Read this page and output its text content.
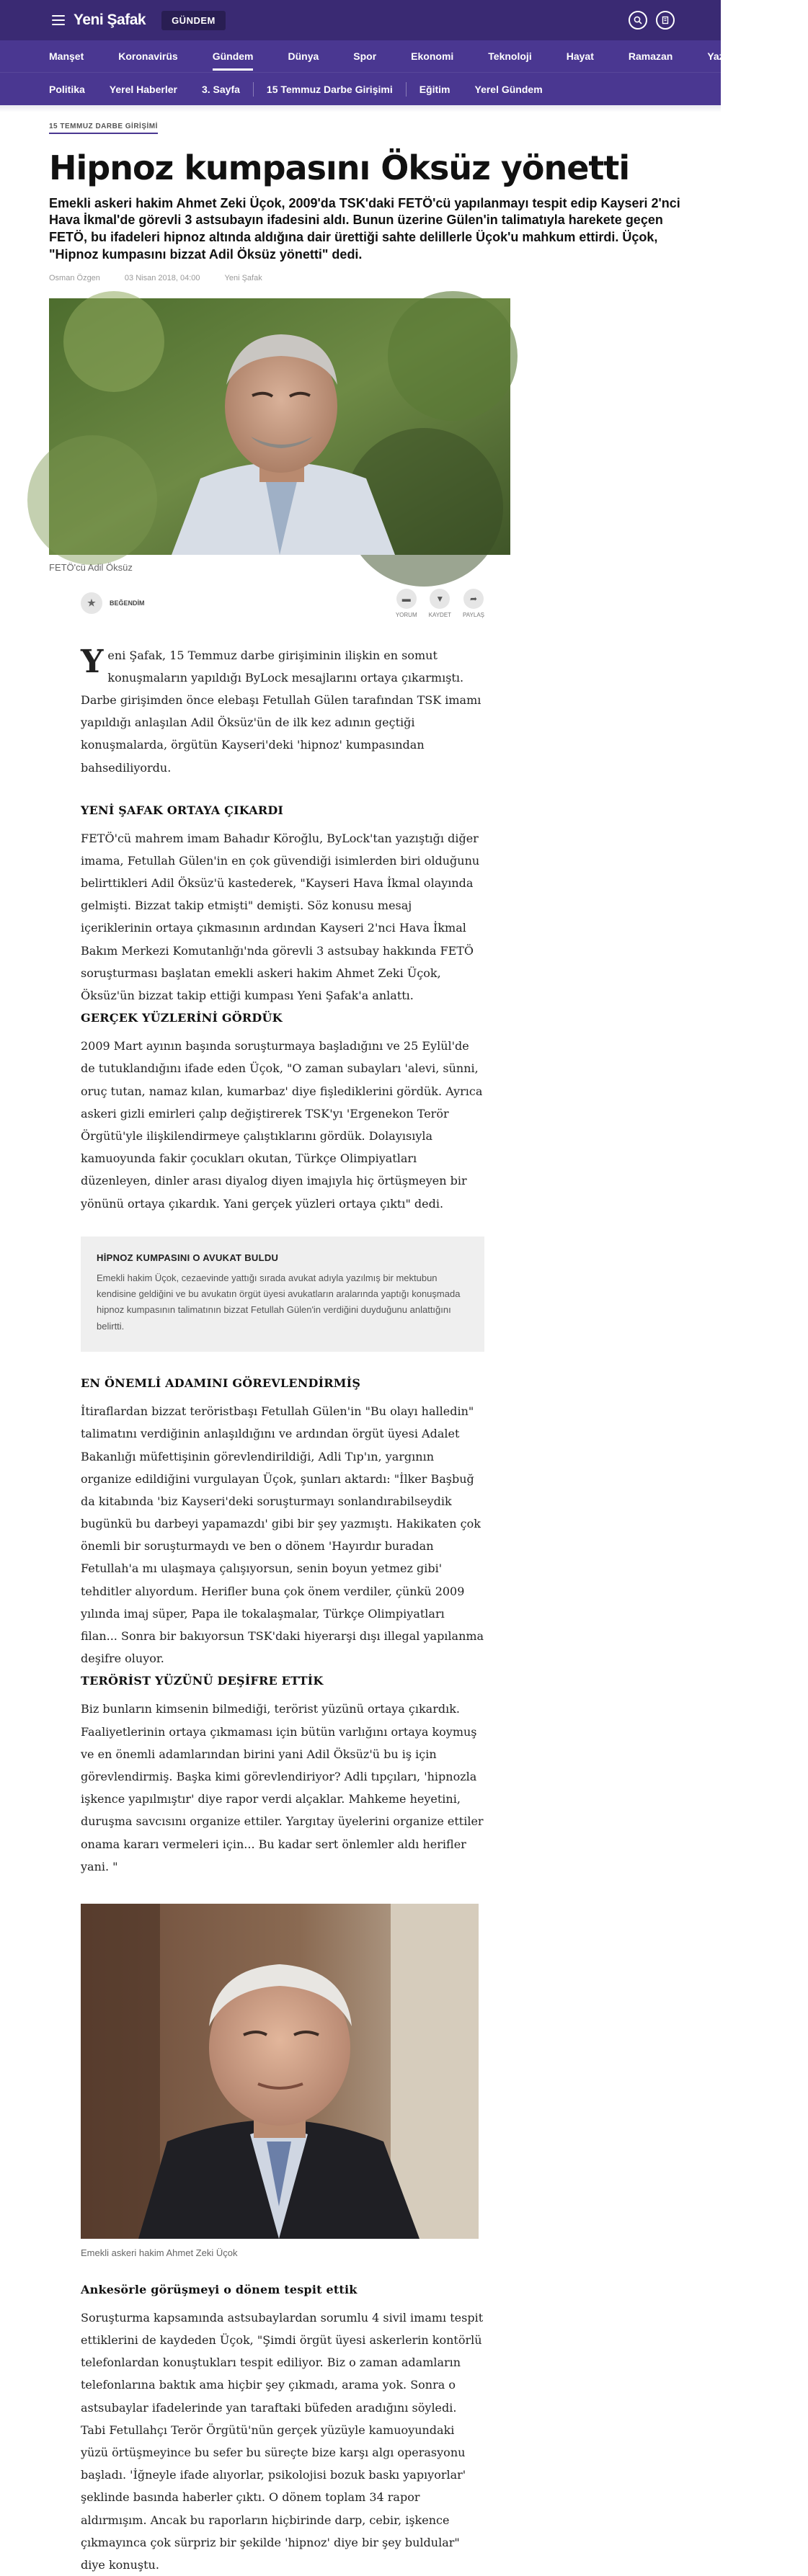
Yeni Şafak	GÜNDEM
Manşet	Koronavirüs	Gündem	Dünya	Spor	Ekonomi	Teknoloji	Hayat	Ramazan	Yazarlar	Video
Politika Yerel Haberler 3. Sayfa	15 Temmuz Darbe Girişimi	Eğitim Yerel Gündem
15 TEMMUZ DARBE GİRİŞİMİ
Hipnoz kumpasını Öksüz yönetti

Emekli askeri hakim Ahmet Zeki Üçok, 2009'da TSK'daki FETÖ'cü yapılanmayı tespit edip Kayseri 2'nci Hava İkmal'de görevli 3 astsubayın ifadesini aldı. Bunun üzerine Gülen'in talimatıyla harekete geçen FETÖ, bu ifadeleri hipnoz altında aldığına dair ürettiği sahte delillerle Üçok'u mahkum ettirdi. Üçok, "Hipnoz kumpasını bizzat Adil Öksüz yönetti" dedi.

Osman Özgen	03 Nisan 2018, 04:00	Yeni Şafak

FETÖ'cü Adil Öksüz

★	BEĞENDİM	▬
YORUM
▼
KAYDET
➦
PAYLAŞ

Yeni Şafak, 15 Temmuz darbe girişiminin ilişkin en somut konuşmaların yapıldığı ByLock mesajlarını ortaya çıkarmıştı. Darbe girişimden önce elebaşı Fetullah Gülen tarafından TSK imamı yapıldığı anlaşılan Adil Öksüz'ün de ilk kez adının geçtiği konuşmalarda, örgütün Kayseri'deki 'hipnoz' kumpasından bahsediliyordu.

YENİ ŞAFAK ORTAYA ÇIKARDI

FETÖ'cü mahrem imam Bahadır Köroğlu, ByLock'tan yazıştığı diğer imama, Fetullah Gülen'in en çok güvendiği isimlerden biri olduğunu belirttikleri Adil Öksüz'ü kastederek, "Kayseri Hava İkmal olayında gelmişti. Bizzat takip etmişti" demişti. Söz konusu mesaj içeriklerinin ortaya çıkmasının ardından Kayseri 2'nci Hava İkmal Bakım Merkezi Komutanlığı'nda görevli 3 astsubay hakkında FETÖ soruşturması başlatan emekli askeri hakim Ahmet Zeki Üçok, Öksüz'ün bizzat takip ettiği kumpası Yeni Şafak'a anlattı.

GERÇEK YÜZLERİNİ GÖRDÜK

2009 Mart ayının başında soruşturmaya başladığını ve 25 Eylül'de de tutuklandığını ifade eden Üçok, "O zaman subayları 'alevi, sünni, oruç tutan, namaz kılan, kumarbaz' diye fişlediklerini gördük. Ayrıca askeri gizli emirleri çalıp değiştirerek TSK'yı 'Ergenekon Terör Örgütü'yle ilişkilendirmeye çalıştıklarını gördük. Dolayısıyla kamuoyunda fakir çocukları okutan, Türkçe Olimpiyatları düzenleyen, dinler arası diyalog diyen imajıyla hiç örtüşmeyen bir yönünü ortaya çıkardık. Yani gerçek yüzleri ortaya çıktı" dedi.

HİPNOZ KUMPASINI O AVUKAT BULDU

Emekli hakim Üçok, cezaevinde yattığı sırada avukat adıyla yazılmış bir mektubun kendisine geldiğini ve bu avukatın örgüt üyesi avukatların aralarında yaptığı konuşmada hipnoz kumpasının talimatının bizzat Fetullah Gülen'in verdiğini duyduğunu anlattığını belirtti.

EN ÖNEMLİ ADAMINI GÖREVLENDİRMİŞ

İtiraflardan bizzat teröristbaşı Fetullah Gülen'in "Bu olayı halledin" talimatını verdiğinin anlaşıldığını ve ardından örgüt üyesi Adalet Bakanlığı müfettişinin görevlendirildiği, Adli Tıp'ın, yargının organize edildiğini vurgulayan Üçok, şunları aktardı: "İlker Başbuğ da kitabında 'biz Kayseri'deki soruşturmayı sonlandırabilseydik bugünkü bu darbeyi yapamazdı' gibi bir şey yazmıştı. Hakikaten çok önemli bir soruşturmaydı ve ben o dönem 'Hayırdır buradan Fetullah'a mı ulaşmaya çalışıyorsun, senin boyun yetmez gibi' tehditler alıyordum. Herifler buna çok önem verdiler, çünkü 2009 yılında imaj süper, Papa ile tokalaşmalar, Türkçe Olimpiyatları filan... Sonra bir bakıyorsun TSK'daki hiyerarşi dışı illegal yapılanma deşifre oluyor.

TERÖRİST YÜZÜNÜ DEŞİFRE ETTİK

Biz bunların kimsenin bilmediği, terörist yüzünü ortaya çıkardık. Faaliyetlerinin ortaya çıkmaması için bütün varlığını ortaya koymuş ve en önemli adamlarından birini yani Adil Öksüz'ü bu iş için görevlendirmiş. Başka kimi görevlendiriyor? Adli tıpçıları, 'hipnozla işkence yapılmıştır' diye rapor verdi alçaklar. Mahkeme heyetini, duruşma savcısını organize ettiler. Yargıtay üyelerini organize ettiler onama kararı vermeleri için... Bu kadar sert önlemler aldı herifler yani. "

Emekli askeri hakim Ahmet Zeki Üçok

Ankesörle görüşmeyi o dönem tespit ettik

Soruşturma kapsamında astsubaylardan sorumlu 4 sivil imamı tespit ettiklerini de kaydeden Üçok, "Şimdi örgüt üyesi askerlerin kontörlü telefonlardan konuştukları tespit ediliyor. Biz o zaman adamların telefonlarına baktık ama hiçbir şey çıkmadı, arama yok. Sonra o astsubaylar ifadelerinde yan taraftaki büfeden aradığını söyledi. Tabi Fetullahçı Terör Örgütü'nün gerçek yüzüyle kamuoyundaki yüzü örtüşmeyince bu sefer bu süreçte bize karşı algı operasyonu başladı. 'İğneyle ifade alıyorlar, psikolojisi bozuk baskı yapıyorlar' şeklinde basında haberler çıktı. O dönem toplam 34 rapor aldırmışım. Ancak bu raporların hiçbirinde darp, cebir, işkence çıkmayınca çok sürpriz bir şekilde 'hipnoz' diye bir şey buldular" diye konuştu.
